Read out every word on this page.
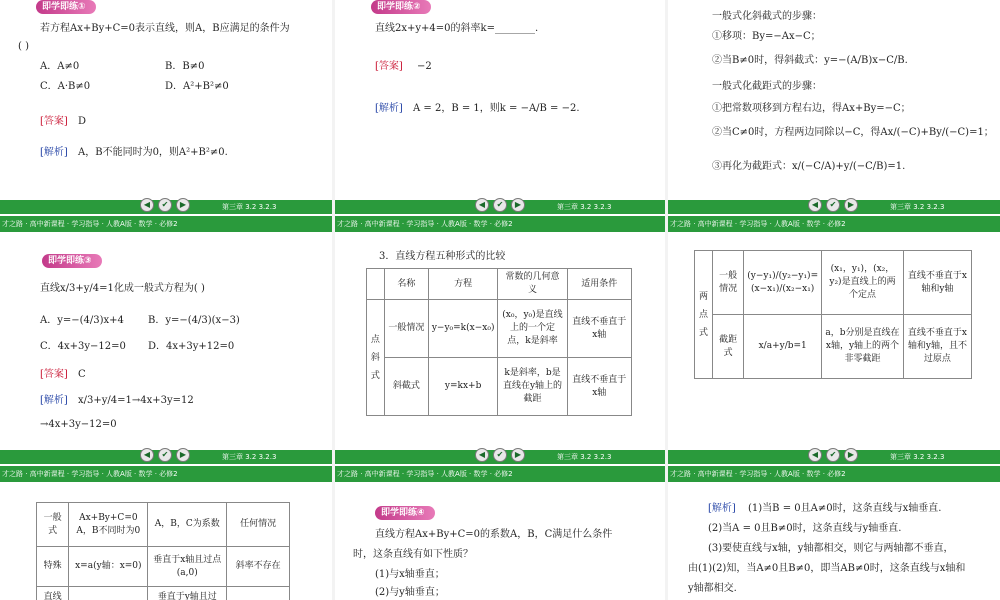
即学即练①
若方程Ax+By+C=0表示直线，则A，B应满足的条件为
( )
A．A≠0	B．B≠0
C．A·B≠0	D．A²+B²≠0
[答案] D
[解析] A，B不能同时为0，则A²+B²≠0.
◀	✔	▶	第三章 3.2 3.2.3
即学即练②
直线2x+y+4=0的斜率k=________.
[答案] −2
[解析] A = 2，B = 1，则k = −A/B = −2.
◀	✔	▶	第三章 3.2 3.2.3
一般式化斜截式的步骤：
①移项：By=−Ax−C；
②当B≠0时，得斜截式：y=−(A/B)x−C/B.
一般式化截距式的步骤：
①把常数项移到方程右边，得Ax+By=−C；
②当C≠0时，方程两边同除以−C，得Ax/(−C)+By/(−C)=1；
③再化为截距式：x/(−C/A)+y/(−C/B)=1.
◀	✔	▶	第三章 3.2 3.2.3
才之路 · 高中新课程 · 学习指导 · 人教A版 · 数学 · 必修2
即学即练③
直线x/3+y/4=1化成一般式方程为( )
A．y=−(4/3)x+4 B．y=−(4/3)(x−3)
C．4x+3y−12=0 D．4x+3y+12=0
[答案] C
[解析] x/3+y/4=1→4x+3y=12
→4x+3y−12=0
◀	✔	▶	第三章 3.2 3.2.3
才之路 · 高中新课程 · 学习指导 · 人教A版 · 数学 · 必修2
3．直线方程五种形式的比较
	名称	方程	常数的几何意义	适用条件
点斜式	一般情况	y−y₀=k(x−x₀)	(x₀，y₀)是直线上的一个定点，k是斜率	直线不垂直于x轴
	斜截式	y=kx+b	k是斜率，b是直线在y轴上的截距	直线不垂直于x轴
◀	✔	▶	第三章 3.2 3.2.3
才之路 · 高中新课程 · 学习指导 · 人教A版 · 数学 · 必修2
两点式	一般情况	(y−y₁)/(y₂−y₁)=(x−x₁)/(x₂−x₁)	(x₁，y₁)，(x₂，y₂)是直线上的两个定点	直线不垂直于x轴和y轴
	截距式	x/a+y/b=1	a，b分别是直线在x轴，y轴上的两个非零截距	直线不垂直于x轴和y轴，且不过原点
◀	✔	▶	第三章 3.2 3.2.3
才之路 · 高中新课程 · 学习指导 · 人教A版 · 数学 · 必修2
一般式	Ax+By+C=0 A，B不同时为0	A，B，C为系数	任何情况
特殊	x=a(y轴：x=0)	垂直于x轴且过点(a,0)	斜率不存在
直线		垂直于y轴且过	
才之路 · 高中新课程 · 学习指导 · 人教A版 · 数学 · 必修2
即学即练④
直线方程Ax+By+C=0的系数A，B，C满足什么条件
时，这条直线有如下性质？
(1)与x轴垂直；
(2)与y轴垂直；
才之路 · 高中新课程 · 学习指导 · 人教A版 · 数学 · 必修2
[解析] (1)当B = 0且A≠0时，这条直线与x轴垂直.
(2)当A = 0且B≠0时，这条直线与y轴垂直.
(3)要使直线与x轴，y轴都相交，则它与两轴都不垂直，
由(1)(2)知，当A≠0且B≠0，即当AB≠0时，这条直线与x轴和
y轴都相交.
